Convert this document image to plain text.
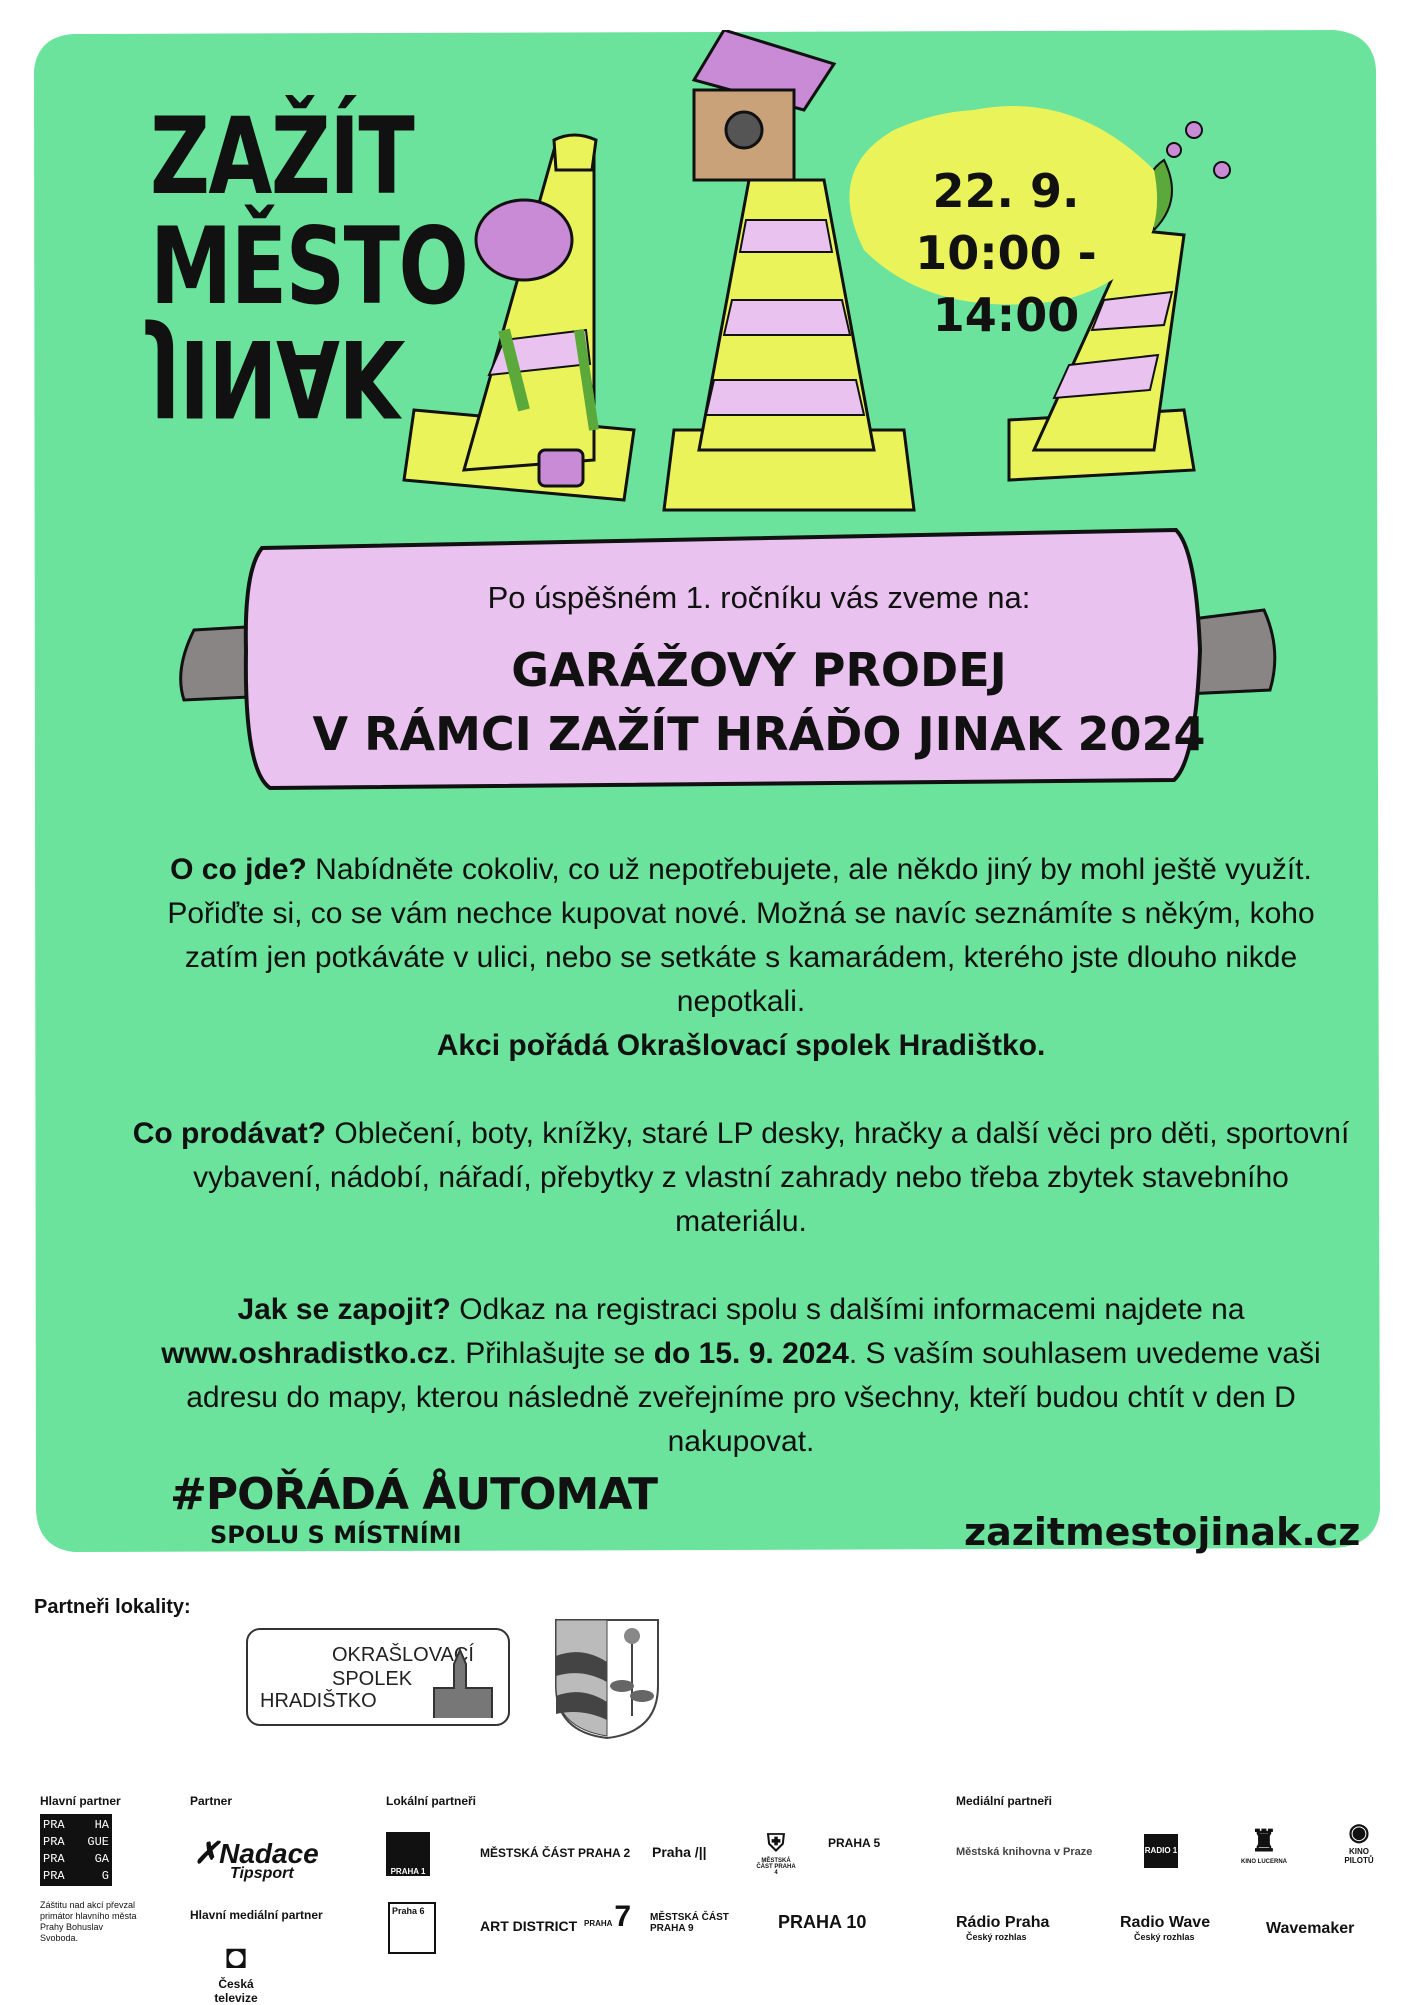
ZAŽÍT
MĚSTO
JINAK
22. 9.
10:00 - 14:00
Po úspěšném 1. ročníku vás zveme na:
GARÁŽOVÝ PRODEJ
V RÁMCI ZAŽÍT HRÁĎO JINAK 2024

O co jde? Nabídněte cokoliv, co už nepotřebujete, ale někdo jiný by mohl ještě využít. Pořiďte si, co se vám nechce kupovat nové. Možná se navíc seznámíte s někým, koho zatím jen potkáváte v ulici, nebo se setkáte s kamarádem, kterého jste dlouho nikde nepotkali.
Akci pořádá Okrašlovací spolek Hradištko.

Co prodávat? Oblečení, boty, knížky, staré LP desky, hračky a další věci pro děti, sportovní vybavení, nádobí, nářadí, přebytky z vlastní zahrady nebo třeba zbytek stavebního materiálu.

Jak se zapojit? Odkaz na registraci spolu s dalšími informacemi najdete na www.oshradistko.cz. Přihlašujte se do 15. 9. 2024. S vaším souhlasem uvedeme vaši adresu do mapy, kterou následně zveřejníme pro všechny, kteří budou chtít v den D nakupovat.

#POŘÁDÁ ÅUTOMAT
SPOLU S MÍSTNÍMI	zazitmestojinak.cz
Partneři lokality:
OKRAŠLOVACÍ
SPOLEK
HRADIŠTKO
Hlavní partner	Partner	Lokální partneři	Mediální partneři
Hlavní mediální partner
PRA HA
PRA GUE
PRA GA
PRA	G
Záštitu nad akcí převzal primátor hlavního města Prahy Bohuslav Svoboda.
✗Nadace
Tipsport
◘
Česká televize
PRAHA 1
MĚSTSKÁ ČÁST PRAHA 2 Praha /||	⛨
MĚSTSKÁ ČÁST PRAHA 4
PRAHA 5
Praha 6
ART DISTRICT PRAHA 7 MĚSTSKÁ ČÁST PRAHA 9	PRAHA 10
Městská knihovna v Praze	RADIO 1	♜
KINO LUCERNA
◉
KINO PILOTŮ
Rádio Praha
Český rozhlas
Radio Wave
Český rozhlas	Wavemaker
